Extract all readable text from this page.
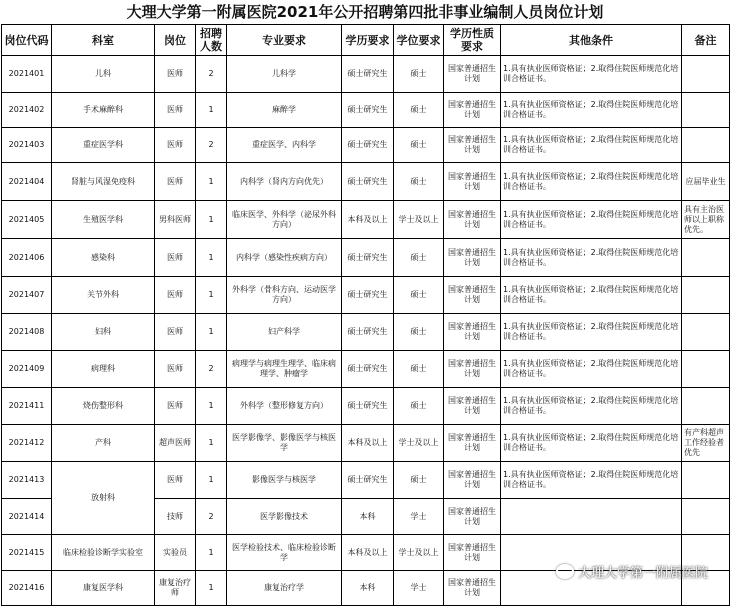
大理大学第一附属医院2021年公开招聘第四批非事业编制人员岗位计划
岗位代码	科室	岗位	招聘人数	专业要求	学历要求	学位要求	学历性质要求	其他条件	备注
2021401	儿科	医师	2	儿科学	硕士研究生	硕士	国家普通招生计划	1.具有执业医师资格证；2.取得住院医师规范化培训合格证书。	
2021402	手术麻醉科	医师	1	麻醉学	硕士研究生	硕士	国家普通招生计划	1.具有执业医师资格证；2.取得住院医师规范化培训合格证书。	
2021403	重症医学科	医师	2	重症医学、内科学	硕士研究生	硕士	国家普通招生计划	1.具有执业医师资格证；2.取得住院医师规范化培训合格证书。	
2021404	肾脏与风湿免疫科	医师	1	内科学（肾内方向优先）	硕士研究生	硕士	国家普通招生计划	1.具有执业医师资格证；2.取得住院医师规范化培训合格证书。	应届毕业生
2021405	生殖医学科	男科医师	1	临床医学、外科学（泌尿外科方向）	本科及以上	学士及以上	国家普通招生计划	1.具有执业医师资格证；2.取得住院医师规范化培训合格证书。	具有主治医师以上职称优先。
2021406	感染科	医师	1	内科学（感染性疾病方向）	硕士研究生	硕士	国家普通招生计划	1.具有执业医师资格证；2.取得住院医师规范化培训合格证书。	
2021407	关节外科	医师	1	外科学（骨科方向、运动医学方向）	硕士研究生	硕士	国家普通招生计划	1.具有执业医师资格证；2.取得住院医师规范化培训合格证书。	
2021408	妇科	医师	1	妇产科学	硕士研究生	硕士	国家普通招生计划	1.具有执业医师资格证；2.取得住院医师规范化培训合格证书。	
2021409	病理科	医师	2	病理学与病理生理学、临床病理学、肿瘤学	硕士研究生	硕士	国家普通招生计划	1.具有执业医师资格证；2.取得住院医师规范化培训合格证书。	
2021411	烧伤整形科	医师	1	外科学（整形修复方向）	硕士研究生	硕士	国家普通招生计划	1.具有执业医师资格证；2.取得住院医师规范化培训合格证书。	
2021412	产科	超声医师	1	医学影像学、影像医学与核医学	本科及以上	学士及以上	国家普通招生计划	1.具有执业医师资格证；2.取得住院医师规范化培训合格证书。	有产科超声工作经验者优先
2021413	放射科	医师	1	影像医学与核医学	硕士研究生	硕士	国家普通招生计划	1.具有执业医师资格证；2.取得住院医师规范化培训合格证书。	
2021414		技师	2	医学影像技术	本科	学士	国家普通招生计划		
2021415	临床检验诊断学实验室	实验员	1	医学检验技术、临床检验诊断学	本科及以上	学士及以上	国家普通招生计划		
2021416	康复医学科	康复治疗师	1	康复治疗学	本科	学士	国家普通招生计划		
大理大学第一附属医院
